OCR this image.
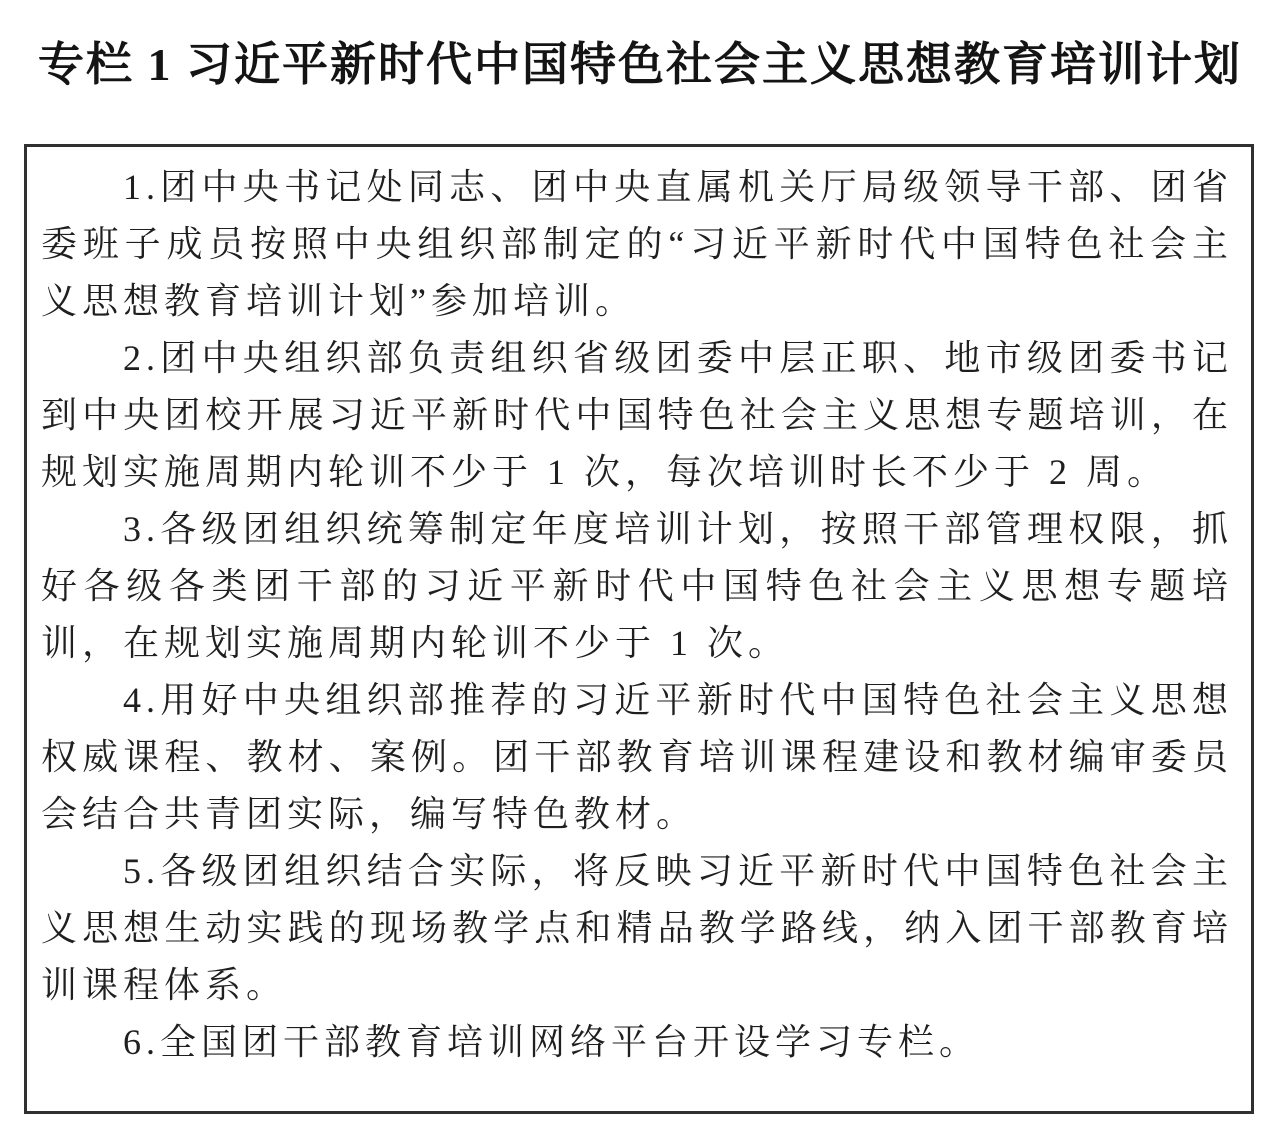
专栏 1 习近平新时代中国特色社会主义思想教育培训计划

1.团中央书记处同志、团中央直属机关厅局级领导干部、团省委班子成员按照中央组织部制定的“习近平新时代中国特色社会主义思想教育培训计划”参加培训。

2.团中央组织部负责组织省级团委中层正职、地市级团委书记到中央团校开展习近平新时代中国特色社会主义思想专题培训，在规划实施周期内轮训不少于 1 次，每次培训时长不少于 2 周。

3.各级团组织统筹制定年度培训计划，按照干部管理权限，抓好各级各类团干部的习近平新时代中国特色社会主义思想专题培训，在规划实施周期内轮训不少于 1 次。

4.用好中央组织部推荐的习近平新时代中国特色社会主义思想权威课程、教材、案例。团干部教育培训课程建设和教材编审委员会结合共青团实际，编写特色教材。

5.各级团组织结合实际，将反映习近平新时代中国特色社会主义思想生动实践的现场教学点和精品教学路线，纳入团干部教育培训课程体系。

6.全国团干部教育培训网络平台开设学习专栏。
